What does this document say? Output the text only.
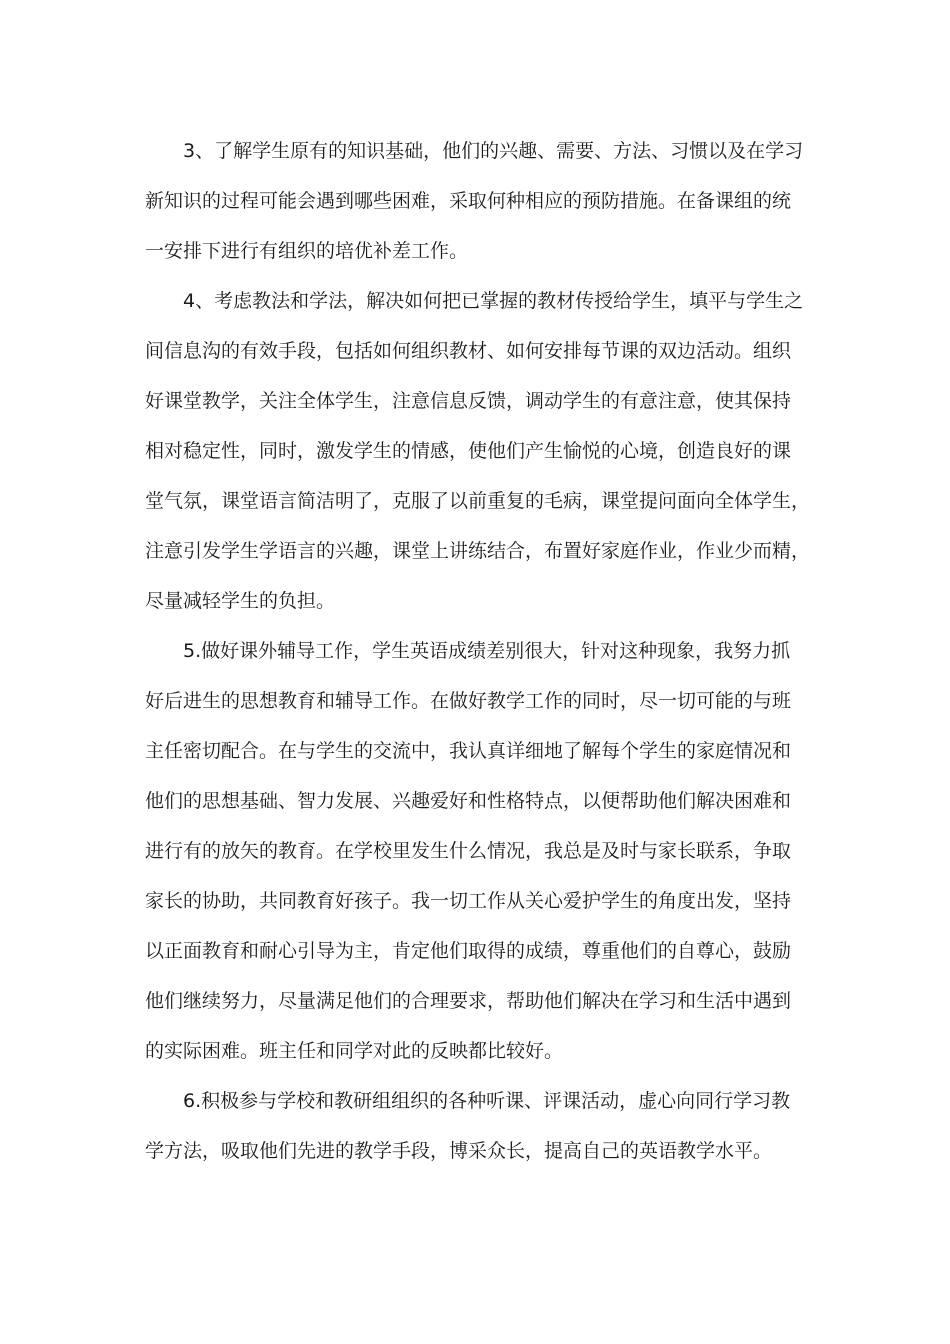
3、了解学生原有的知识基础，他们的兴趣、需要、方法、习惯以及在学习
新知识的过程可能会遇到哪些困难，采取何种相应的预防措施。在备课组的统
一安排下进行有组织的培优补差工作。
4、考虑教法和学法，解决如何把已掌握的教材传授给学生，填平与学生之
间信息沟的有效手段，包括如何组织教材、如何安排每节课的双边活动。组织
好课堂教学，关注全体学生，注意信息反馈，调动学生的有意注意，使其保持
相对稳定性，同时，激发学生的情感，使他们产生愉悦的心境，创造良好的课
堂气氛，课堂语言简洁明了，克服了以前重复的毛病，课堂提问面向全体学生，
注意引发学生学语言的兴趣，课堂上讲练结合，布置好家庭作业，作业少而精，
尽量减轻学生的负担。
5.做好课外辅导工作，学生英语成绩差别很大，针对这种现象，我努力抓
好后进生的思想教育和辅导工作。在做好教学工作的同时，尽一切可能的与班
主任密切配合。在与学生的交流中，我认真详细地了解每个学生的家庭情况和
他们的思想基础、智力发展、兴趣爱好和性格特点，以便帮助他们解决困难和
进行有的放矢的教育。在学校里发生什么情况，我总是及时与家长联系，争取
家长的协助，共同教育好孩子。我一切工作从关心爱护学生的角度出发，坚持
以正面教育和耐心引导为主，肯定他们取得的成绩，尊重他们的自尊心，鼓励
他们继续努力，尽量满足他们的合理要求，帮助他们解决在学习和生活中遇到
的实际困难。班主任和同学对此的反映都比较好。
6.积极参与学校和教研组组织的各种听课、评课活动，虚心向同行学习教
学方法，吸取他们先进的教学手段，博采众长，提高自己的英语教学水平。
